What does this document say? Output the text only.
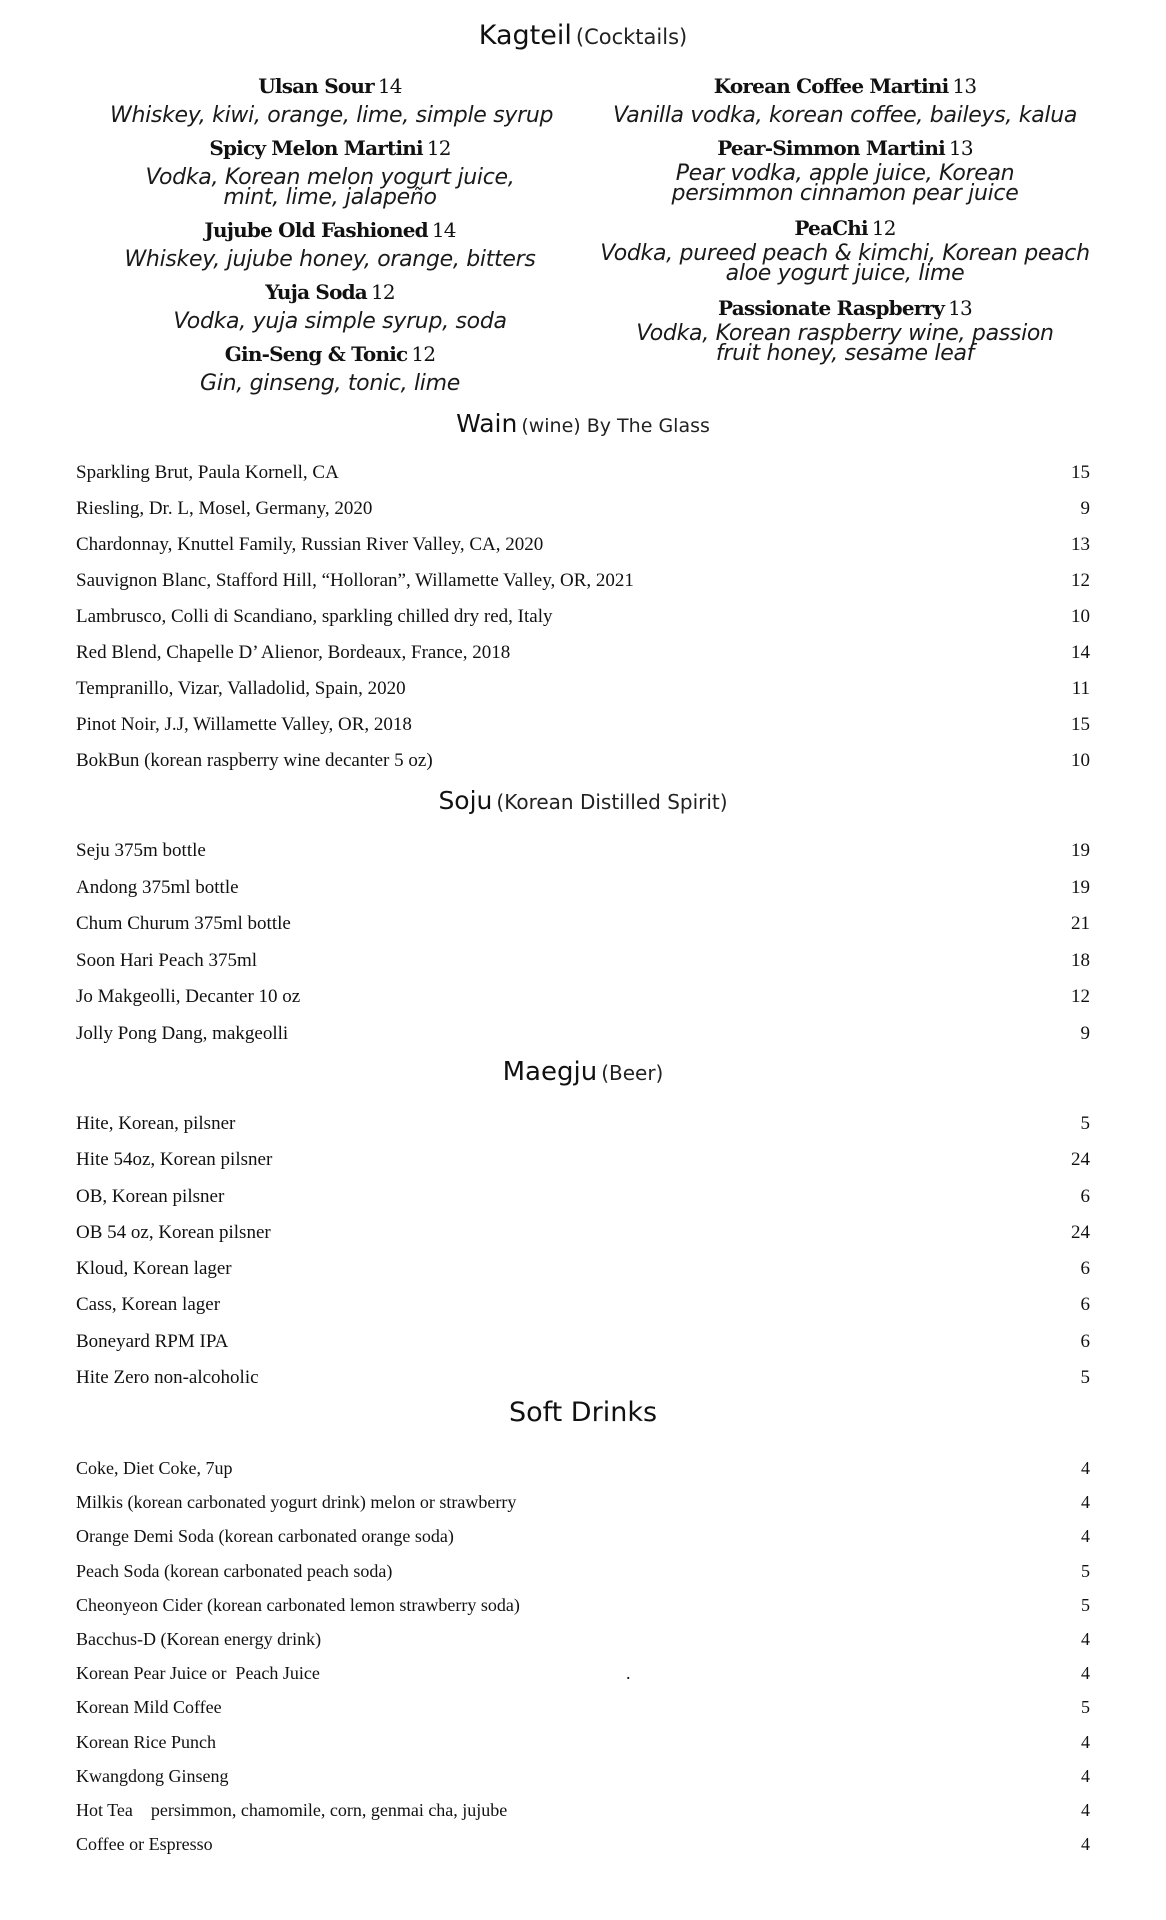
Kagteil (Cocktails)
Ulsan Sour 14
Whiskey, kiwi, orange, lime, simple syrup
Spicy Melon Martini 12
Vodka, Korean melon yogurt juice, mint, lime, jalapeño
Jujube Old Fashioned 14
Whiskey, jujube honey, orange, bitters
Yuja Soda 12
Vodka, yuja simple syrup, soda
Gin-Seng & Tonic 12
Gin, ginseng, tonic, lime
Korean Coffee Martini 13
Vanilla vodka, korean coffee, baileys, kalua
Pear-Simmon Martini 13
Pear vodka, apple juice, Korean persimmon cinnamon pear juice
PeaChi 12
Vodka, pureed peach & kimchi, Korean peach aloe yogurt juice, lime
Passionate Raspberry 13
Vodka, Korean raspberry wine, passion fruit honey, sesame leaf
Wain (wine) By The Glass
Sparkling Brut, Paula Kornell, CA	15
Riesling, Dr. L, Mosel, Germany, 2020	9
Chardonnay, Knuttel Family, Russian River Valley, CA, 2020	13
Sauvignon Blanc, Stafford Hill, “Holloran”, Willamette Valley, OR, 2021	12
Lambrusco, Colli di Scandiano, sparkling chilled dry red, Italy	10
Red Blend, Chapelle D’ Alienor, Bordeaux, France, 2018	14
Tempranillo, Vizar, Valladolid, Spain, 2020	11
Pinot Noir, J.J, Willamette Valley, OR, 2018	15
BokBun (korean raspberry wine decanter 5 oz)	10
Soju (Korean Distilled Spirit)
Seju 375m bottle	19
Andong 375ml bottle	19
Chum Churum 375ml bottle	21
Soon Hari Peach 375ml	18
Jo Makgeolli, Decanter 10 oz	12
Jolly Pong Dang, makgeolli	9
Maegju (Beer)
Hite, Korean, pilsner	5
Hite 54oz, Korean pilsner	24
OB, Korean pilsner	6
OB 54 oz, Korean pilsner	24
Kloud, Korean lager	6
Cass, Korean lager	6
Boneyard RPM IPA	6
Hite Zero non-alcoholic	5
Soft Drinks
Coke, Diet Coke, 7up	4
Milkis (korean carbonated yogurt drink) melon or strawberry	4
Orange Demi Soda (korean carbonated orange soda)	4
Peach Soda (korean carbonated peach soda)	5
Cheonyeon Cider (korean carbonated lemon strawberry soda)	5
Bacchus-D (Korean energy drink)	4
Korean Pear Juice or  Peach Juice	.	4
Korean Mild Coffee	5
Korean Rice Punch	4
Kwangdong Ginseng	4
Hot Tea    persimmon, chamomile, corn, genmai cha, jujube	4
Coffee or Espresso	4
